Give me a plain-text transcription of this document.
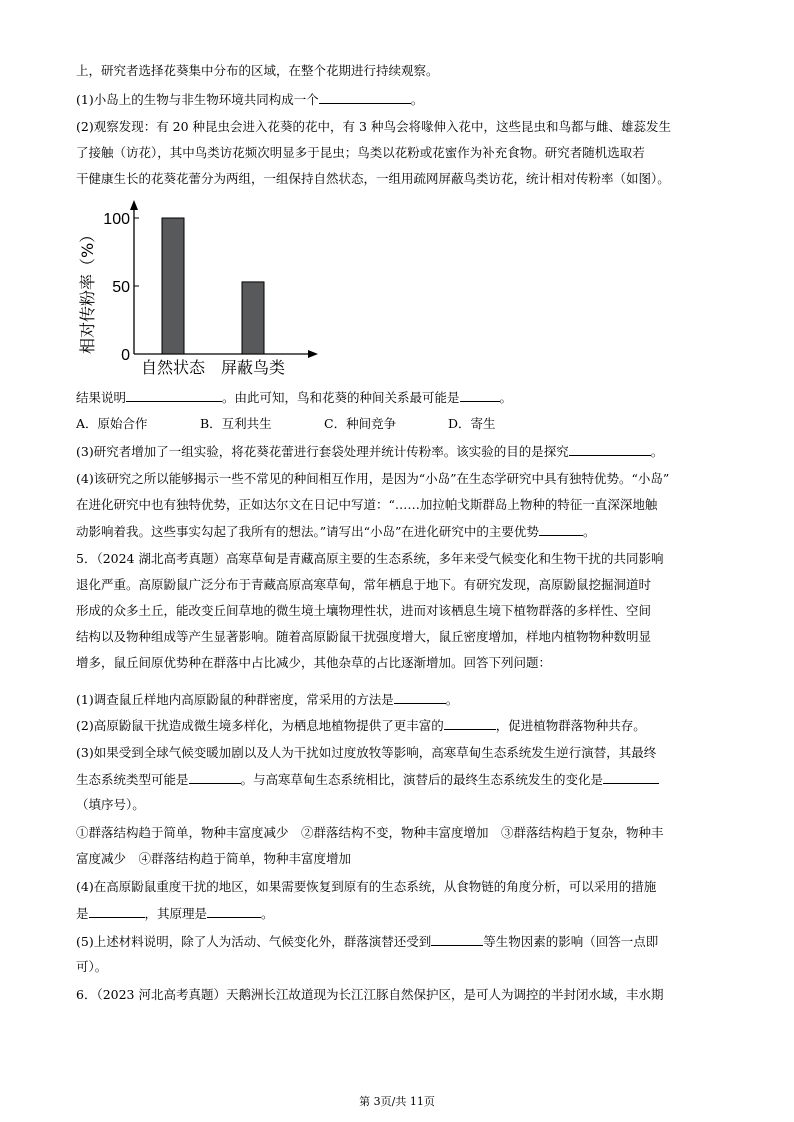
上，研究者选择花葵集中分布的区域，在整个花期进行持续观察。
(1)小岛上的生物与非生物环境共同构成一个	。
(2)观察发现：有 20 种昆虫会进入花葵的花中，有 3 种鸟会将喙伸入花中，这些昆虫和鸟都与雌、雄蕊发生
了接触（访花），其中鸟类访花频次明显多于昆虫；鸟类以花粉或花蜜作为补充食物。研究者随机选取若
干健康生长的花葵花蕾分为两组，一组保持自然状态，一组用疏网屏蔽鸟类访花，统计相对传粉率（如图）。
0
50
100
自然状态 屏蔽鸟类
相对传粉率（%）
结果说明	。由此可知，鸟和花葵的种间关系最可能是	。
A．原始合作	B．互利共生	C．种间竞争	D．寄生
(3)研究者增加了一组实验，将花葵花蕾进行套袋处理并统计传粉率。该实验的目的是探究	。
(4)该研究之所以能够揭示一些不常见的种间相互作用，是因为“小岛”在生态学研究中具有独特优势。“小岛”
在进化研究中也有独特优势，正如达尔文在日记中写道：“……加拉帕戈斯群岛上物种的特征一直深深地触
动影响着我。这些事实勾起了我所有的想法。”请写出“小岛”在进化研究中的主要优势	。
5．（2024 湖北高考真题）高寒草甸是青藏高原主要的生态系统，多年来受气候变化和生物干扰的共同影响
退化严重。高原鼢鼠广泛分布于青藏高原高寒草甸，常年栖息于地下。有研究发现，高原鼢鼠挖掘洞道时
形成的众多土丘，能改变丘间草地的微生境土壤物理性状，进而对该栖息生境下植物群落的多样性、空间
结构以及物种组成等产生显著影响。随着高原鼢鼠干扰强度增大，鼠丘密度增加，样地内植物物种数明显
增多，鼠丘间原优势种在群落中占比减少，其他杂草的占比逐渐增加。回答下列问题：
(1)调查鼠丘样地内高原鼢鼠的种群密度，常采用的方法是	。
(2)高原鼢鼠干扰造成微生境多样化，为栖息地植物提供了更丰富的	，促进植物群落物种共存。
(3)如果受到全球气候变暖加剧以及人为干扰如过度放牧等影响，高寒草甸生态系统发生逆行演替，其最终
生态系统类型可能是	。与高寒草甸生态系统相比，演替后的最终生态系统发生的变化是
（填序号）。
①群落结构趋于简单，物种丰富度减少　②群落结构不变，物种丰富度增加　③群落结构趋于复杂，物种丰
富度减少　④群落结构趋于简单，物种丰富度增加
(4)在高原鼢鼠重度干扰的地区，如果需要恢复到原有的生态系统，从食物链的角度分析，可以采用的措施
是	，其原理是	。
(5)上述材料说明，除了人为活动、气候变化外，群落演替还受到	等生物因素的影响（回答一点即
可）。
6．（2023 河北高考真题）天鹅洲长江故道现为长江江豚自然保护区，是可人为调控的半封闭水域，丰水期
第 3页/共 11页
